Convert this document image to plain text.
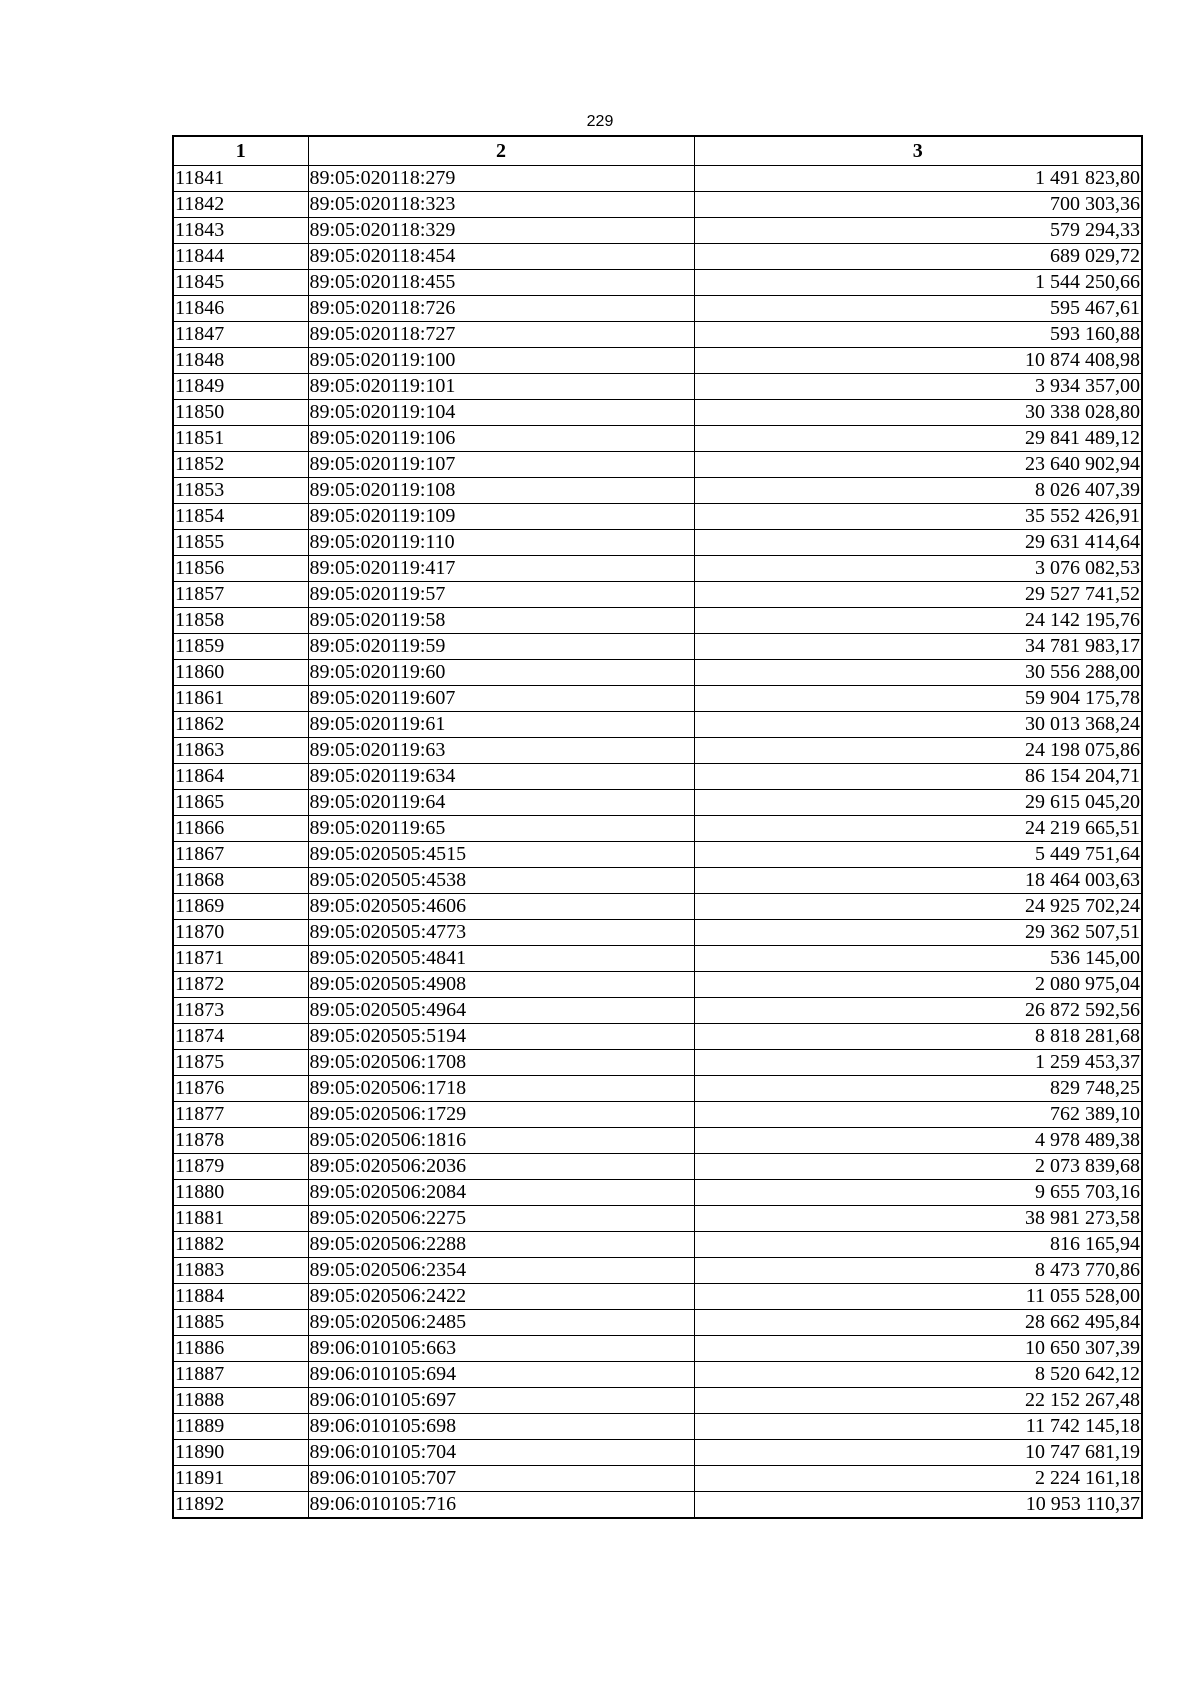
229
1	2	3
11841	89:05:020118:279	1 491 823,80
11842	89:05:020118:323	700 303,36
11843	89:05:020118:329	579 294,33
11844	89:05:020118:454	689 029,72
11845	89:05:020118:455	1 544 250,66
11846	89:05:020118:726	595 467,61
11847	89:05:020118:727	593 160,88
11848	89:05:020119:100	10 874 408,98
11849	89:05:020119:101	3 934 357,00
11850	89:05:020119:104	30 338 028,80
11851	89:05:020119:106	29 841 489,12
11852	89:05:020119:107	23 640 902,94
11853	89:05:020119:108	8 026 407,39
11854	89:05:020119:109	35 552 426,91
11855	89:05:020119:110	29 631 414,64
11856	89:05:020119:417	3 076 082,53
11857	89:05:020119:57	29 527 741,52
11858	89:05:020119:58	24 142 195,76
11859	89:05:020119:59	34 781 983,17
11860	89:05:020119:60	30 556 288,00
11861	89:05:020119:607	59 904 175,78
11862	89:05:020119:61	30 013 368,24
11863	89:05:020119:63	24 198 075,86
11864	89:05:020119:634	86 154 204,71
11865	89:05:020119:64	29 615 045,20
11866	89:05:020119:65	24 219 665,51
11867	89:05:020505:4515	5 449 751,64
11868	89:05:020505:4538	18 464 003,63
11869	89:05:020505:4606	24 925 702,24
11870	89:05:020505:4773	29 362 507,51
11871	89:05:020505:4841	536 145,00
11872	89:05:020505:4908	2 080 975,04
11873	89:05:020505:4964	26 872 592,56
11874	89:05:020505:5194	8 818 281,68
11875	89:05:020506:1708	1 259 453,37
11876	89:05:020506:1718	829 748,25
11877	89:05:020506:1729	762 389,10
11878	89:05:020506:1816	4 978 489,38
11879	89:05:020506:2036	2 073 839,68
11880	89:05:020506:2084	9 655 703,16
11881	89:05:020506:2275	38 981 273,58
11882	89:05:020506:2288	816 165,94
11883	89:05:020506:2354	8 473 770,86
11884	89:05:020506:2422	11 055 528,00
11885	89:05:020506:2485	28 662 495,84
11886	89:06:010105:663	10 650 307,39
11887	89:06:010105:694	8 520 642,12
11888	89:06:010105:697	22 152 267,48
11889	89:06:010105:698	11 742 145,18
11890	89:06:010105:704	10 747 681,19
11891	89:06:010105:707	2 224 161,18
11892	89:06:010105:716	10 953 110,37
